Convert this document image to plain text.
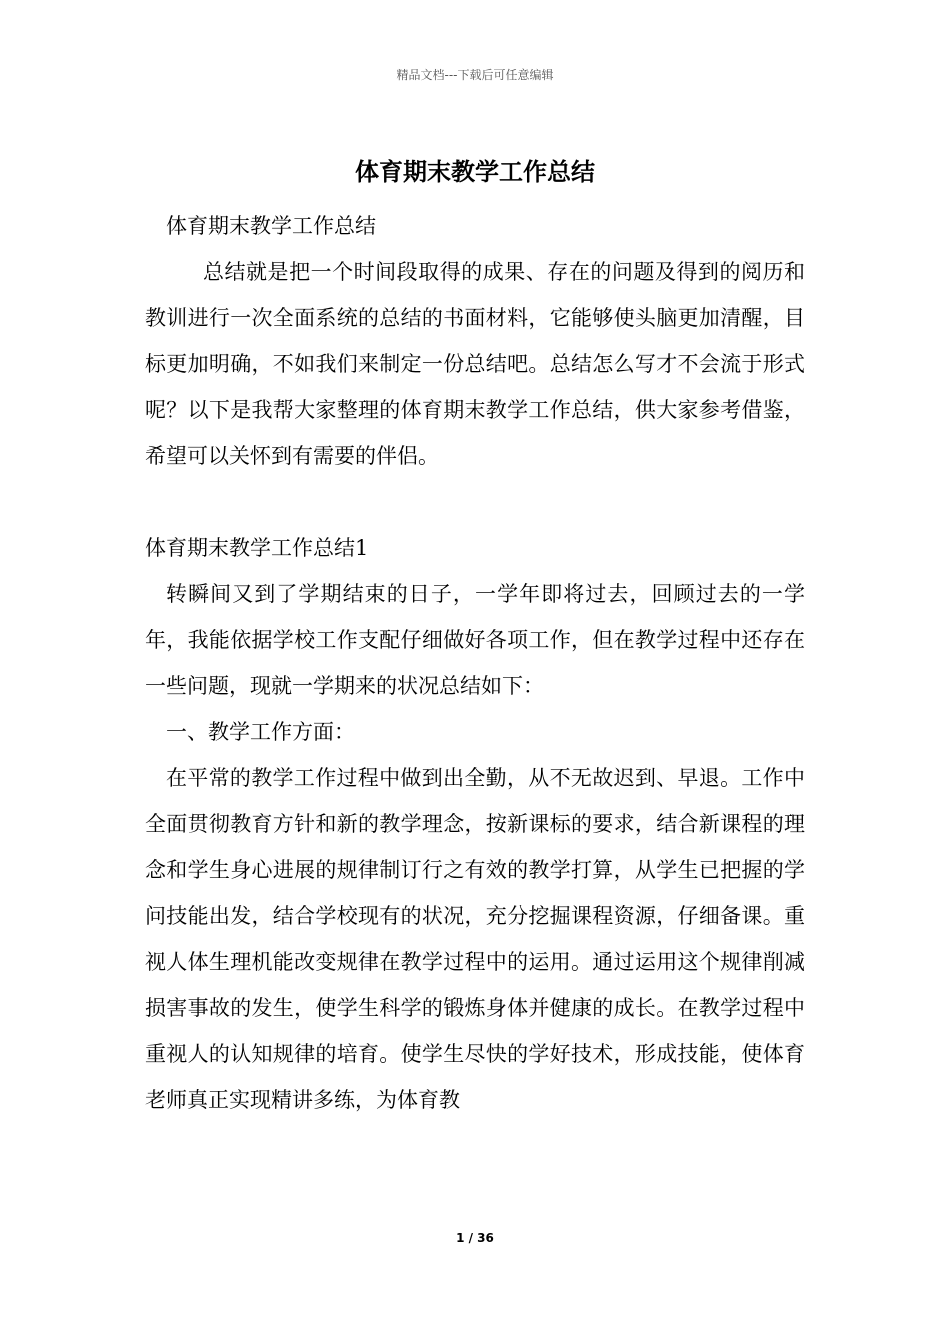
精品文档---下载后可任意编辑
体育期末教学工作总结

体育期末教学工作总结

总结就是把一个时间段取得的成果、存在的问题及得到的阅历和教训进行一次全面系统的总结的书面材料，它能够使头脑更加清醒，目标更加明确，不如我们来制定一份总结吧。总结怎么写才不会流于形式呢？以下是我帮大家整理的体育期末教学工作总结，供大家参考借鉴，希望可以关怀到有需要的伴侣。

体育期末教学工作总结1

转瞬间又到了学期结束的日子，一学年即将过去，回顾过去的一学年，我能依据学校工作支配仔细做好各项工作，但在教学过程中还存在一些问题，现就一学期来的状况总结如下：

一、教学工作方面：

在平常的教学工作过程中做到出全勤，从不无故迟到、早退。工作中全面贯彻教育方针和新的教学理念，按新课标的要求，结合新课程的理念和学生身心进展的规律制订行之有效的教学打算，从学生已把握的学问技能出发，结合学校现有的状况，充分挖掘课程资源，仔细备课。重视人体生理机能改变规律在教学过程中的运用。通过运用这个规律削减损害事故的发生，使学生科学的锻炼身体并健康的成长。在教学过程中重视人的认知规律的培育。使学生尽快的学好技术，形成技能，使体育老师真正实现精讲多练，为体育教

1 / 36
